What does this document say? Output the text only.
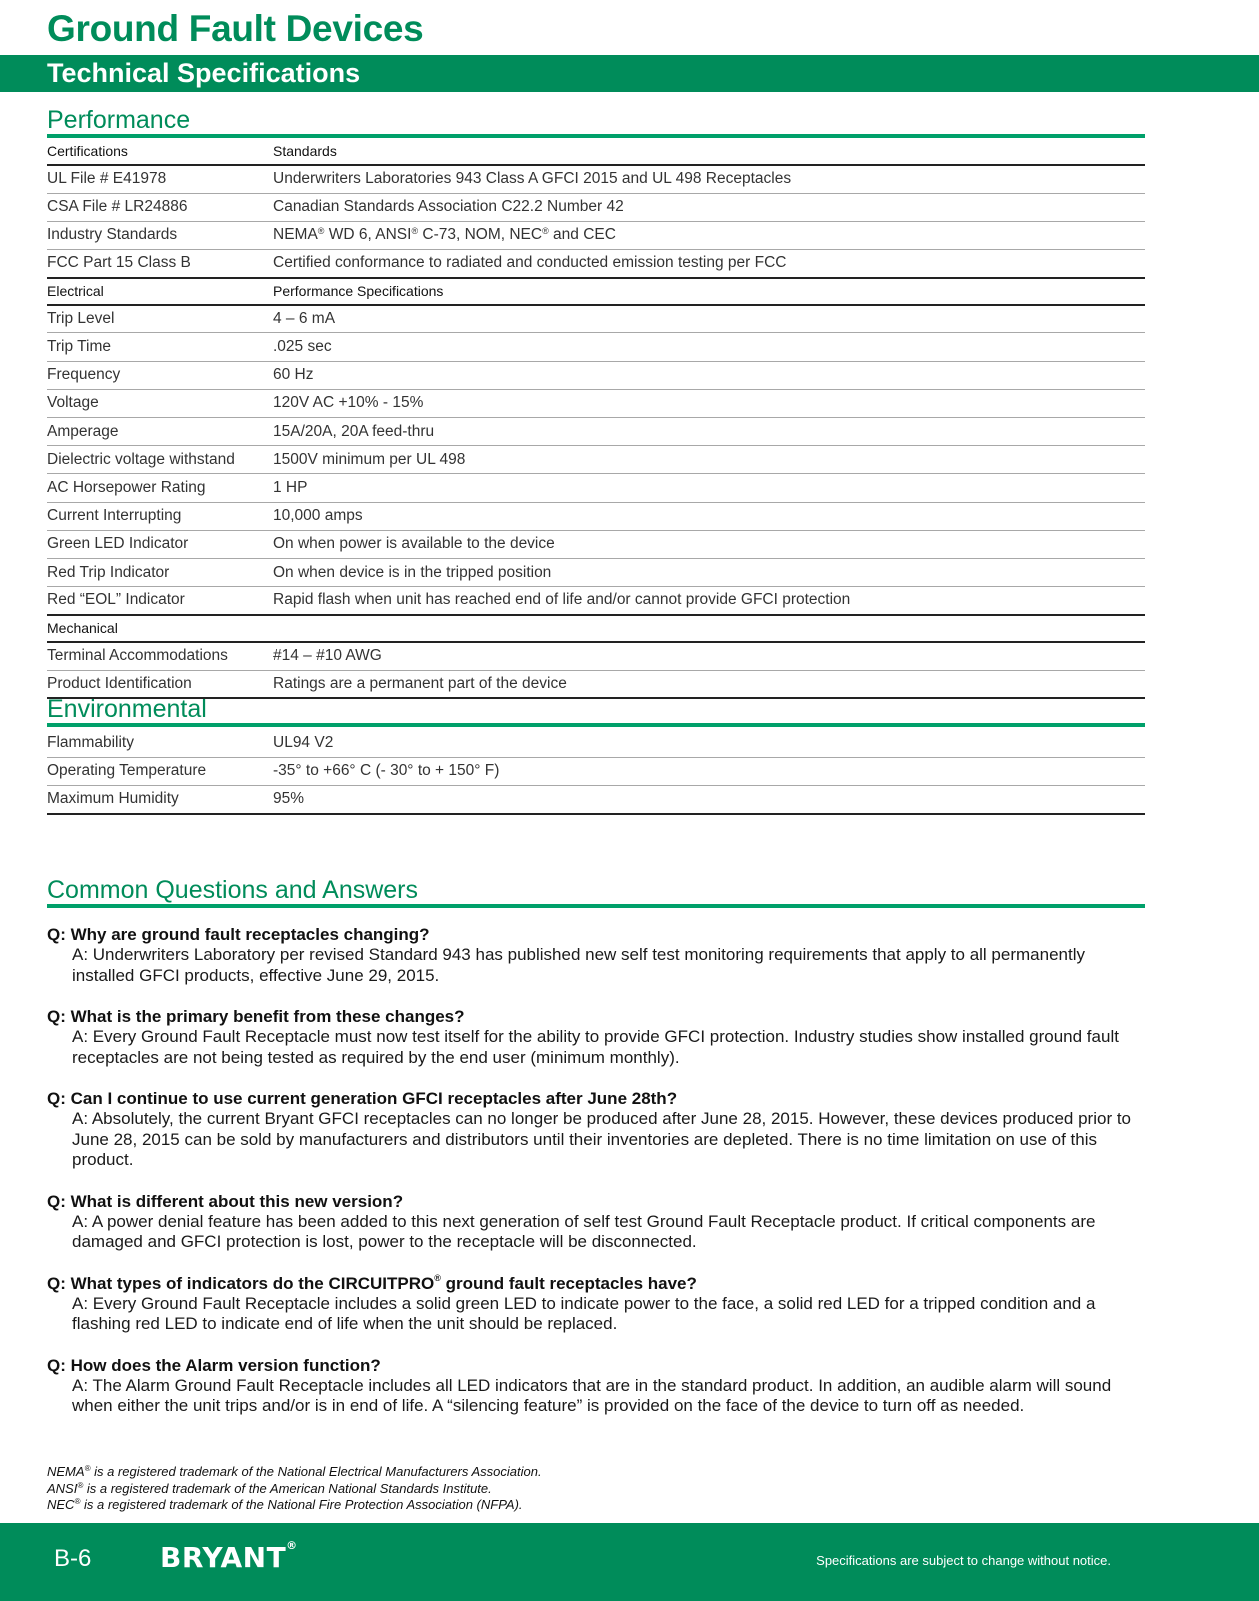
Ground Fault Devices
Technical Specifications
Performance
Certifications	Standards
UL File # E41978	Underwriters Laboratories 943 Class A GFCI 2015 and UL 498 Receptacles
CSA File # LR24886	Canadian Standards Association C22.2 Number 42
Industry Standards	NEMA® WD 6, ANSI® C-73, NOM, NEC® and CEC
FCC Part 15 Class B	Certified conformance to radiated and conducted emission testing per FCC
Electrical	Performance Specifications
Trip Level	4 – 6 mA
Trip Time	.025 sec
Frequency	60 Hz
Voltage	120V AC +10% - 15%
Amperage	15A/20A, 20A feed-thru
Dielectric voltage withstand	1500V minimum per UL 498
AC Horsepower Rating	1 HP
Current Interrupting	10,000 amps
Green LED Indicator	On when power is available to the device
Red Trip Indicator	On when device is in the tripped position
Red “EOL” Indicator	Rapid flash when unit has reached end of life and/or cannot provide GFCI protection
Mechanical	
Terminal Accommodations	#14 – #10 AWG
Product Identification	Ratings are a permanent part of the device
Environmental
Flammability	UL94 V2
Operating Temperature	-35° to +66° C (- 30° to + 150° F)
Maximum Humidity	95%
Common Questions and Answers
Q: Why are ground fault receptacles changing?
A: Underwriters Laboratory per revised Standard 943 has published new self test monitoring requirements that apply to all permanently installed GFCI products, effective June 29, 2015.
Q: What is the primary benefit from these changes?
A: Every Ground Fault Receptacle must now test itself for the ability to provide GFCI protection. Industry studies show installed ground fault receptacles are not being tested as required by the end user (minimum monthly).
Q: Can I continue to use current generation GFCI receptacles after June 28th?
A: Absolutely, the current Bryant GFCI receptacles can no longer be produced after June 28, 2015. However, these devices produced prior to June 28, 2015 can be sold by manufacturers and distributors until their inventories are depleted. There is no time limitation on use of this product.
Q: What is different about this new version?
A: A power denial feature has been added to this next generation of self test Ground Fault Receptacle product. If critical components are damaged and GFCI protection is lost, power to the receptacle will be disconnected.
Q: What types of indicators do the CIRCUITPRO® ground fault receptacles have?
A: Every Ground Fault Receptacle includes a solid green LED to indicate power to the face, a solid red LED for a tripped condition and a flashing red LED to indicate end of life when the unit should be replaced.
Q: How does the Alarm version function?
A: The Alarm Ground Fault Receptacle includes all LED indicators that are in the standard product. In addition, an audible alarm will sound when either the unit trips and/or is in end of life. A “silencing feature” is provided on the face of the device to turn off as needed.
NEMA® is a registered trademark of the National Electrical Manufacturers Association.
ANSI® is a registered trademark of the American National Standards Institute.
NEC® is a registered trademark of the National Fire Protection Association (NFPA).
B-6 BRYANT®
Specifications are subject to change without notice.
